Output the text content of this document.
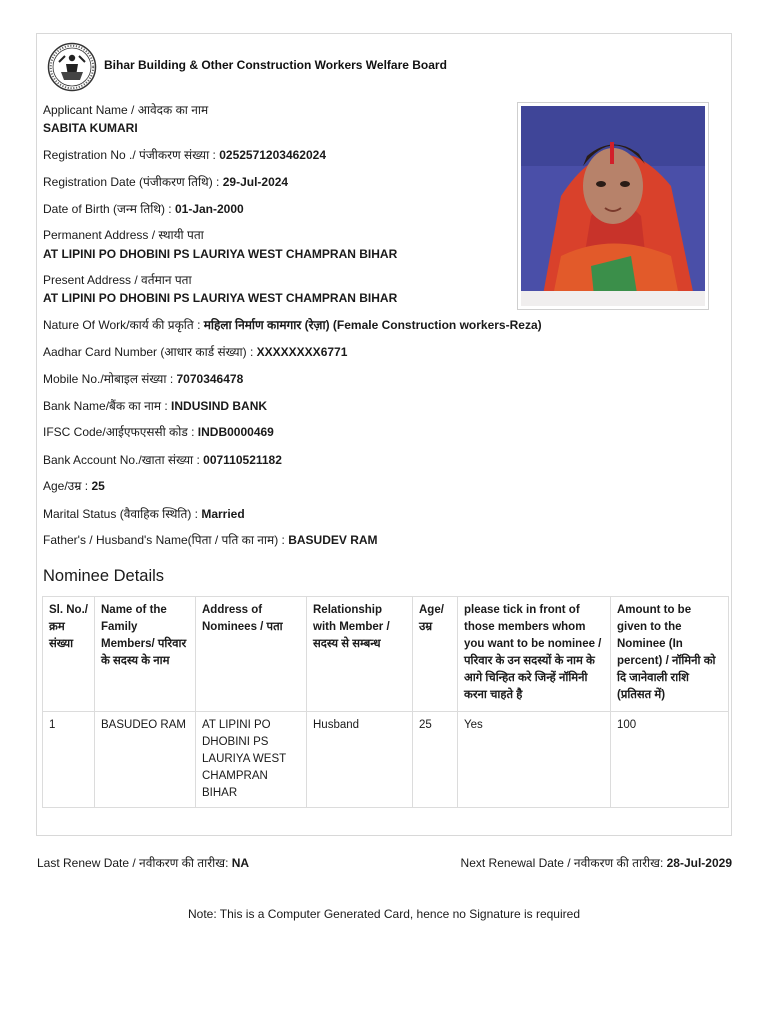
Bihar Building & Other Construction Workers Welfare Board
Applicant Name / आवेदक का नाम
SABITA KUMARI
Registration No ./ पंजीकरण संख्या : 0252571203462024
Registration Date (पंजीकरण तिथि) : 29-Jul-2024
Date of Birth (जन्म तिथि) : 01-Jan-2000
Permanent Address / स्थायी पता
AT LIPINI PO DHOBINI PS LAURIYA WEST CHAMPRAN BIHAR
Present Address / वर्तमान पता
AT LIPINI PO DHOBINI PS LAURIYA WEST CHAMPRAN BIHAR
Nature Of Work/कार्य की प्रकृति : महिला निर्माण कामगार (रेज़ा) (Female Construction workers-Reza)
Aadhar Card Number (आधार कार्ड संख्या) : XXXXXXXX6771
Mobile No./मोबाइल संख्या : 7070346478
Bank Name/बैंक का नाम : INDUSIND BANK
IFSC Code/आईएफएससी कोड : INDB0000469
Bank Account No./खाता संख्या : 007110521182
Age/उम्र : 25
Marital Status (वैवाहिक स्थिति) : Married
Father's / Husband's Name(पिता / पति का नाम) : BASUDEV RAM
Nominee Details
Sl. No./ क्रम संख्या	Name of the Family Members/ परिवार के सदस्य के नाम	Address of Nominees / पता	Relationship with Member / सदस्य से सम्बन्ध	Age/ उम्र	please tick in front of those members whom you want to be nominee / परिवार के उन सदस्यों के नाम के आगे चिन्हित करे जिन्हें नॉमिनी करना चाहते है	Amount to be given to the Nominee (In percent) / नॉमिनी को दि जानेवाली राशि (प्रतिसत में)
1	BASUDEO RAM	AT LIPINI PO DHOBINI PS LAURIYA WEST CHAMPRAN BIHAR	Husband	25	Yes	100
Last Renew Date / नवीकरण की तारीख: NA	Next Renewal Date / नवीकरण की तारीख: 28-Jul-2029
Note: This is a Computer Generated Card, hence no Signature is required
